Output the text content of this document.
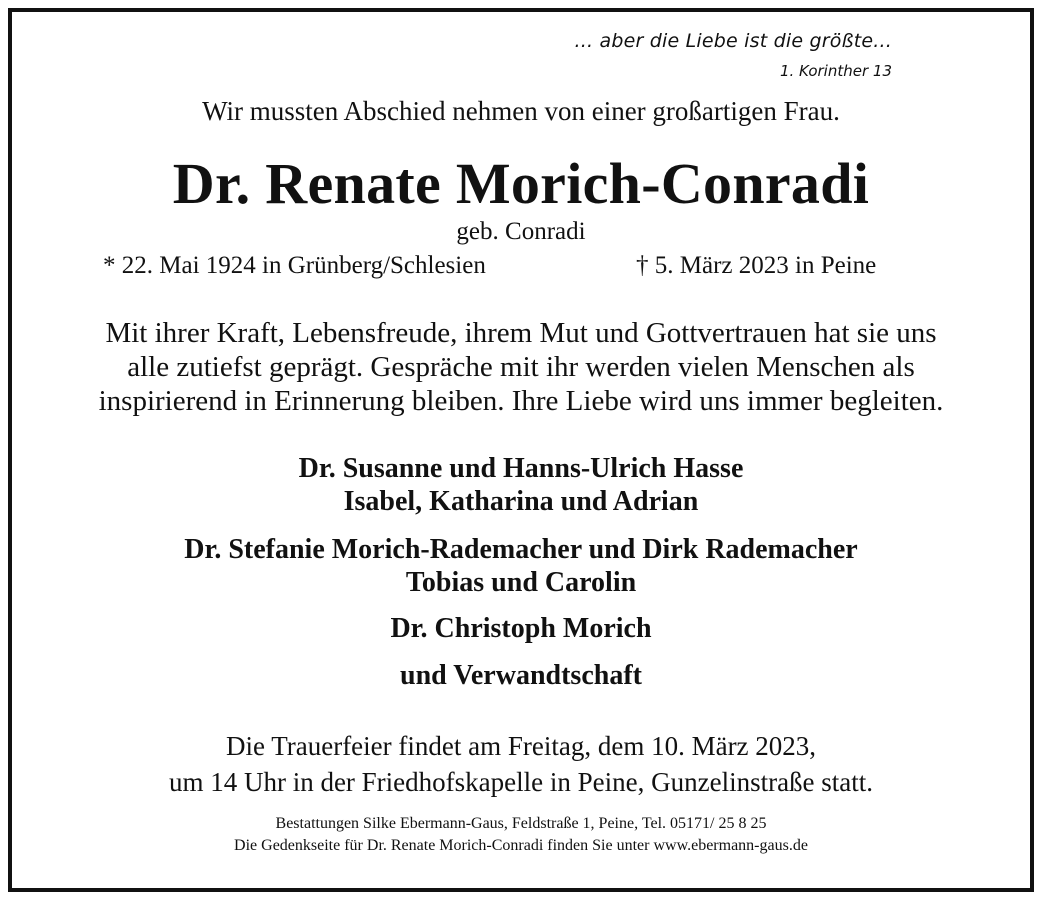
... aber die Liebe ist die größte...
1. Korinther 13
Wir mussten Abschied nehmen von einer großartigen Frau.
Dr. Renate Morich-Conradi
geb. Conradi
* 22. Mai 1924 in Grünberg/Schlesien	† 5. März 2023 in Peine

Mit ihrer Kraft, Lebensfreude, ihrem Mut und Gottvertrauen hat sie uns

alle zutiefst geprägt. Gespräche mit ihr werden vielen Menschen als

inspirierend in Erinnerung bleiben. Ihre Liebe wird uns immer begleiten.

Dr. Susanne und Hanns-Ulrich Hasse
Isabel, Katharina und Adrian
Dr. Stefanie Morich-Rademacher und Dirk Rademacher
Tobias und Carolin
Dr. Christoph Morich
und Verwandtschaft
Die Trauerfeier findet am Freitag, dem 10. März 2023,
um 14 Uhr in der Friedhofskapelle in Peine, Gunzelinstraße statt.
Bestattungen Silke Ebermann-Gaus, Feldstraße 1, Peine, Tel. 05171/ 25 8 25
Die Gedenkseite für Dr. Renate Morich-Conradi finden Sie unter www.ebermann-gaus.de
